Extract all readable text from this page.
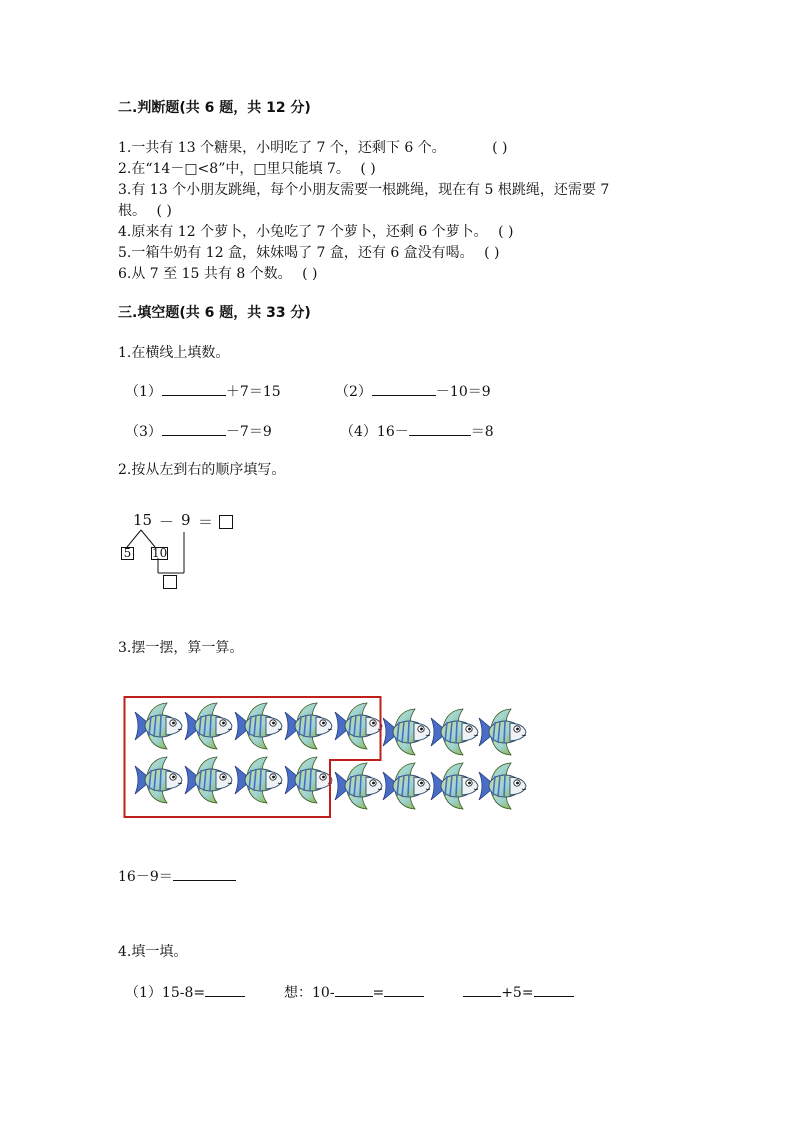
二.判断题(共 6 题，共 12 分)
1.一共有 13 个糖果，小明吃了 7 个，还剩下 6 个。	( )
2.在“14－□<8”中，□里只能填 7。 ( )
3.有 13 个小朋友跳绳，每个小朋友需要一根跳绳，现在有 5 根跳绳，还需要 7
根。 ( )
4.原来有 12 个萝卜，小兔吃了 7 个萝卜，还剩 6 个萝卜。 ( )
5.一箱牛奶有 12 盒，妹妹喝了 7 盒，还有 6 盒没有喝。 ( )
6.从 7 至 15 共有 8 个数。 ( )
三.填空题(共 6 题，共 33 分)
1.在横线上填数。
（1）	＋7＝15	（2）	－10＝9
（3）	－7＝9	（4）16－	＝8
2.按从左到右的顺序填写。
15 － 9 ＝
5 10
3.摆一摆，算一算。
16－9＝
4.填一填。
（1）15-8=	想：10-	=	+5=
